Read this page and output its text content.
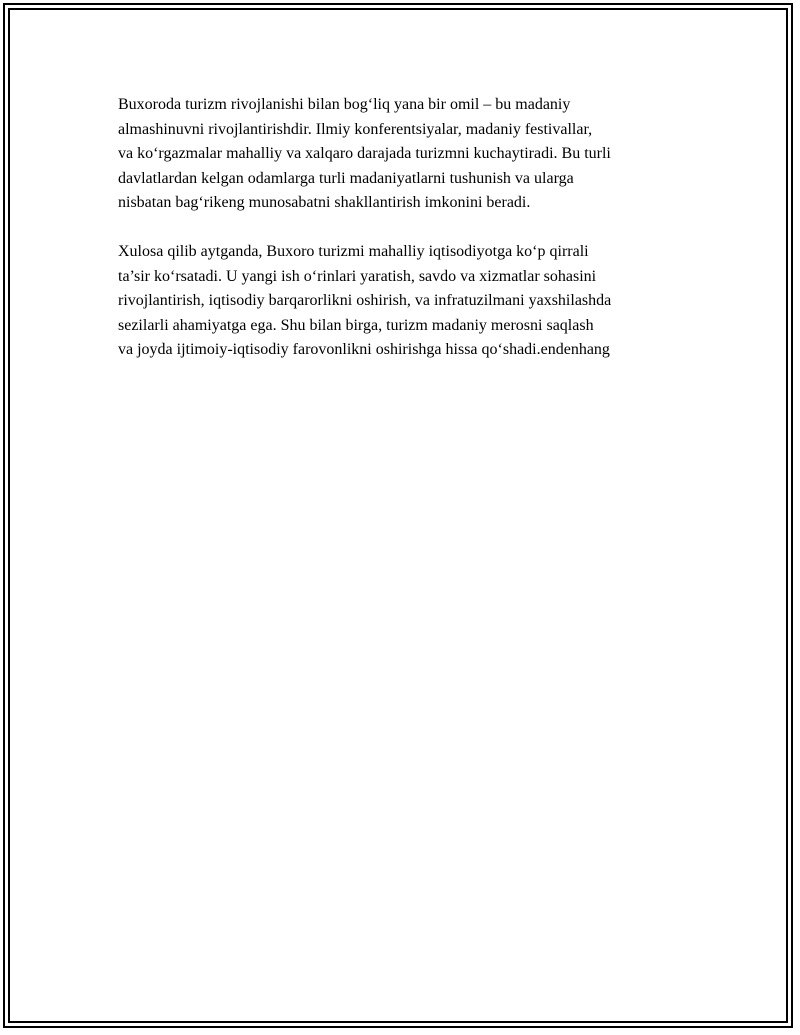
Buxoroda turizm rivojlanishi bilan bog‘liq yana bir omil – bu madaniy
almashinuvni rivojlantirishdir. Ilmiy konferentsiyalar, madaniy festivallar,
va ko‘rgazmalar mahalliy va xalqaro darajada turizmni kuchaytiradi. Bu turli
davlatlardan kelgan odamlarga turli madaniyatlarni tushunish va ularga
nisbatan bag‘rikeng munosabatni shakllantirish imkonini beradi.

Xulosa qilib aytganda, Buxoro turizmi mahalliy iqtisodiyotga ko‘p qirrali
ta’sir ko‘rsatadi. U yangi ish o‘rinlari yaratish, savdo va xizmatlar sohasini
rivojlantirish, iqtisodiy barqarorlikni oshirish, va infratuzilmani yaxshilashda
sezilarli ahamiyatga ega. Shu bilan birga, turizm madaniy merosni saqlash
va joyda ijtimoiy-iqtisodiy farovonlikni oshirishga hissa qo‘shadi.endenhang
